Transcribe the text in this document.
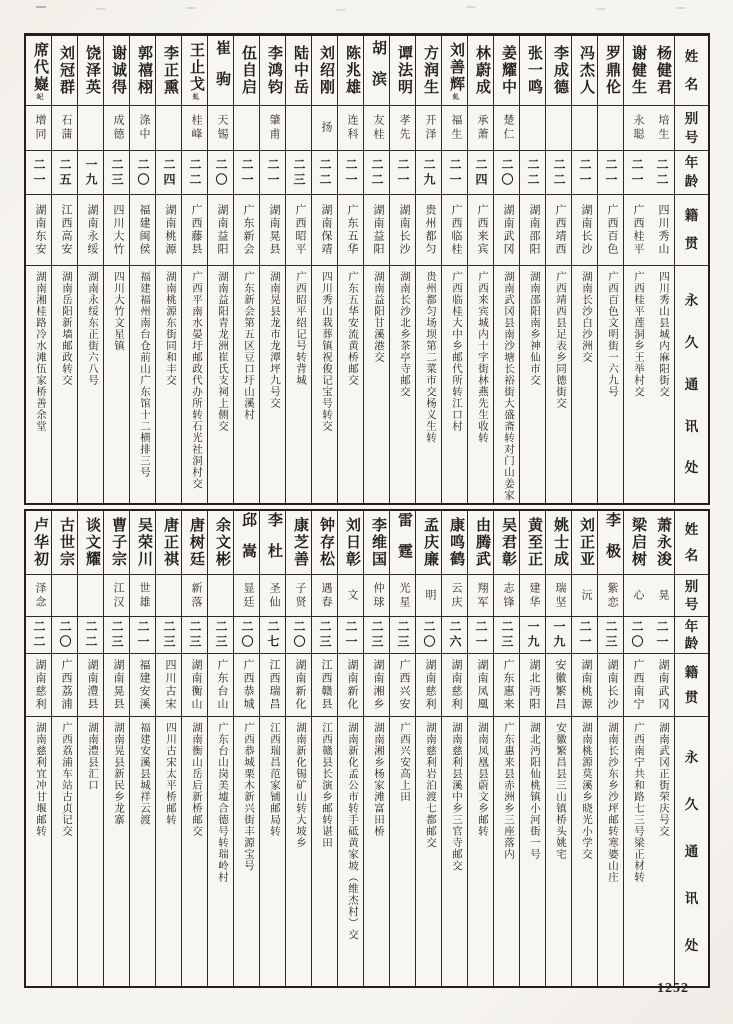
姓
名
别
号
年
龄
籍
贯
永
久
通
讯
处
杨健君
培生
二二
四川秀山
四川秀山县城内麻阳街交
谢健生
永聪
二一
广西桂平
广西桂平莲洞乡王举村交
罗鼎伦
二一
广西百色
广西百色文明街一六九号
冯杰人
二一
湖南长沙
湖南长沙白沙洲交
李成德
二二
广西靖西
广西靖西县足表乡同德街交
张一鸣
二二
湖南邵阳
湖南邵阳南乡神仙市交
姜耀中
楚仁
二〇
湖南武冈
湖南武冈县南沙塘长裕街大盛斋转对门山姜家
林蔚成
承萧
二四
广西来宾
广西来宾城内十字街林燕先生收转
刘善辉虬
福生
二一
广西临桂
广西临桂大中乡邮代所转江口村
方润生
开泽
二九
贵州都匀
贵州都匀场坝第二菜市交杨义生转
谭法明
孝先
二一
湖南长沙
湖南长沙北乡茶亭寺邮交
胡滨
友桂
二二
湖南益阳
湖南益阳甘溪港交
陈兆雄
连科
二一
广东五华
广东五华安流黄桥邮交
刘绍刚
扬
二二
湖南保靖
四川秀山栽葬镇祝俊记宝号转交
陆中岳
二三
广西昭平
广西昭平绍记号转背城
李鸿钧
肇甫
二一
湖南晃县
湖南晃县龙市龙潭坪九号交
伍自启
二一
广东新会
广东新会第五区豆口圩山溪村
崔驹
天锡
二〇
湖南益阳
湖南益阳青龙洲崔氏支祠上侧交
王止戈虬
桂峰
二二
广西藤县
广西平南水晏圩邮政代办所转石光社洞村交
李正熏
二四
湖南桃源
湖南桃源东街同和丰交
郭禧栩
涤中
二〇
福建闽侯
福建福州南台仓前山广东馆十二横排三号
谢诚得
成德
二三
四川大竹
四川大竹文星镇
饶泽英
一九
湖南永绥
湖南永绥东正街六八号
刘冠群
石蒲
二五
江西高安
湖南岳阳新墙邮政转交
席代嶷屺
增同
二一
湖南东安
湖南湘桂路冷水滩伍家桥善余堂
姓
名
别
号
年
龄
籍
贯
永
久
通
讯
处
萧永浚
晃
二一
湖南武冈
湖南武冈正街荣庆号交
梁启树
心
二〇
广西南宁
广西南宁共和路七三号梁正材转
李极
紫恋
二三
湖南长沙
湖南长沙东乡沙坪邮转寒婆山庄
刘正亚
沅
二一
湖南桃源
湖南桃源莫溪乡晓光小学交
姚士成
瑞坚
一九
安徽繁昌
安徽繁昌县三山镇桥头姚宅
黄至正
建华
一九
湖北沔阳
湖北沔阳仙桃镇小河街一号
吴君彰
志锋
二三
广东惠来
广东惠来县赤洲乡三座落内
由腾武
翔军
二一
湖南凤凰
湖南凤凰县蔚文乡邮转
康鸣鹤
云庆
二六
湖南慈利
湖南慈利县溪中乡三官寺邮交
孟庆廉
明
二〇
湖南慈利
湖南慈利岩泊渡七都邮交
雷霆
光星
二三
广西兴安
广西兴安高上田
李维国
仲球
二三
湖南湘乡
湖南湘乡杨家滩富田桥
刘日彰
文
二一
湖南新化
湖南新化孟公市转手砥黄家坡（维杰村）交
钟存松
遇春
二三
江西赣县
江西赣县长演乡邮转谌田
康芝善
子贤
二〇
湖南新化
湖南新化锡矿山转大坡乡
李杜
圣仙
二七
江西瑞昌
江西瑞昌范家铺邮局转
邱嵩
显廷
二〇
广西恭城
广西恭城栗木新兴街丰源宝号
余文彬
二三
广东台山
广东台山岗美墟合德号转瑞岭村
唐树廷
新落
二三
湖南衡山
湖南衡山岳后新桥邮交
唐正祺
二三
四川古宋
四川古宋太平桥邮转
吴荣川
世雄
二一
福建安溪
福建安溪县城祥云渡
曹子宗
江汉
二三
湖南晃县
湖南晃县新民乡龙寨
谈文耀
二二
湖南澧县
湖南澧县汇口
古世宗
二〇
广西荔浦
广西荔浦车站古贞记交
卢华初
泽念
二二
湖南慈利
湖南慈利宜冲甘堰邮转
1252
